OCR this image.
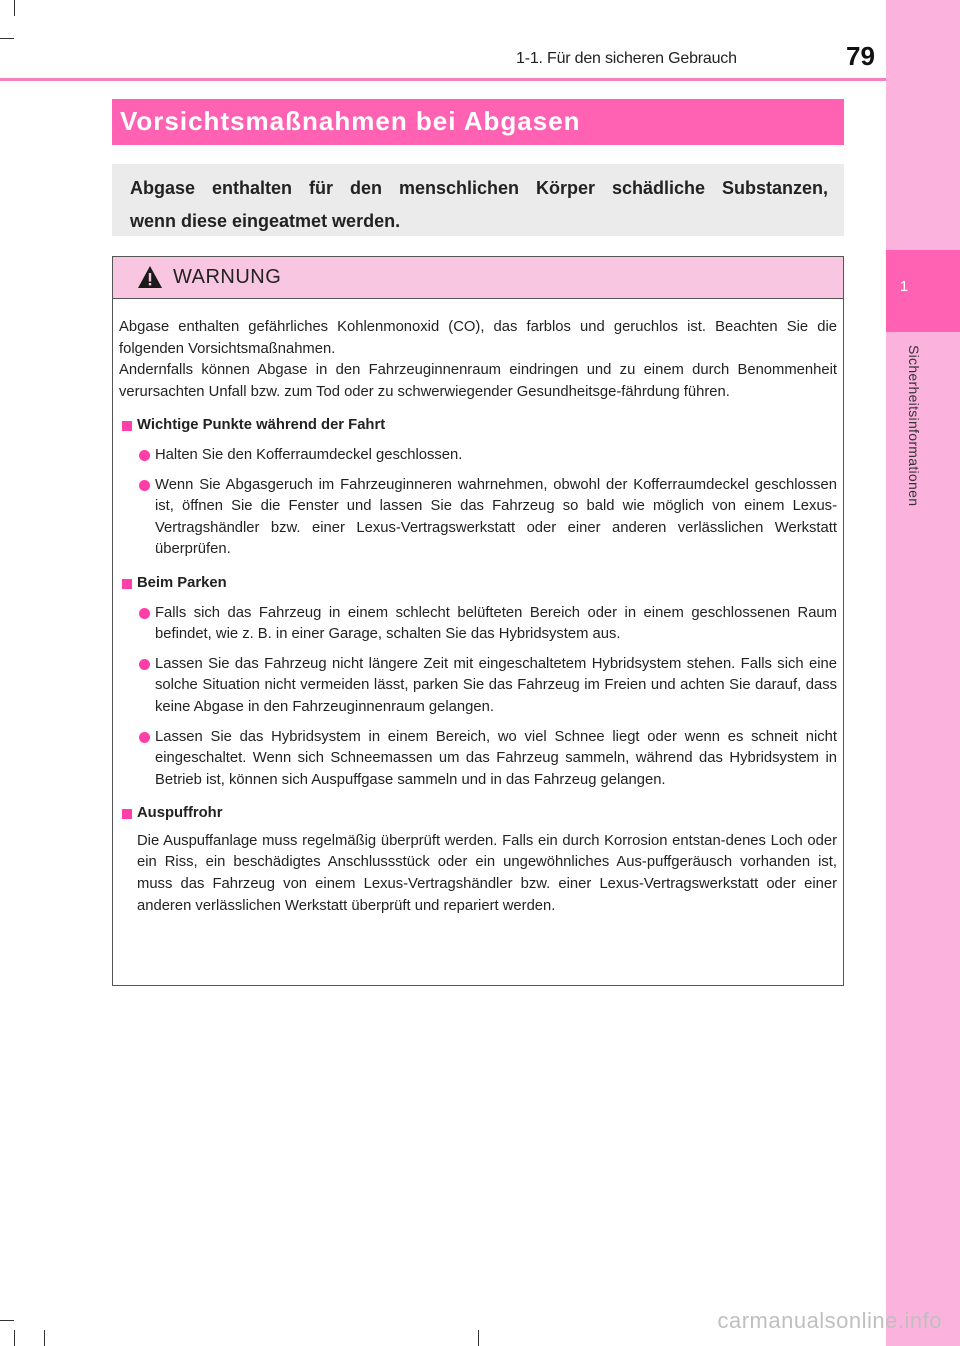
1-1. Für den sicheren Gebrauch	79
1
Sicherheitsinformationen
Vorsichtsmaßnahmen bei Abgasen
Abgase enthalten für den menschlichen Körper schädliche Substanzen,
wenn diese eingeatmet werden.
WARNUNG
Abgase enthalten gefährliches Kohlenmonoxid (CO), das farblos und geruchlos ist. Beachten Sie die folgenden Vorsichtsmaßnahmen.
Andernfalls können Abgase in den Fahrzeuginnenraum eindringen und zu einem durch Benommenheit verursachten Unfall bzw. zum Tod oder zu schwerwiegender Gesundheitsge-fährdung führen.
Wichtige Punkte während der Fahrt
Halten Sie den Kofferraumdeckel geschlossen.
Wenn Sie Abgasgeruch im Fahrzeuginneren wahrnehmen, obwohl der Kofferraumdeckel geschlossen ist, öffnen Sie die Fenster und lassen Sie das Fahrzeug so bald wie möglich von einem Lexus-Vertragshändler bzw. einer Lexus-Vertragswerkstatt oder einer anderen verlässlichen Werkstatt überprüfen.
Beim Parken
Falls sich das Fahrzeug in einem schlecht belüfteten Bereich oder in einem geschlossenen Raum befindet, wie z. B. in einer Garage, schalten Sie das Hybridsystem aus.
Lassen Sie das Fahrzeug nicht längere Zeit mit eingeschaltetem Hybridsystem stehen. Falls sich eine solche Situation nicht vermeiden lässt, parken Sie das Fahrzeug im Freien und achten Sie darauf, dass keine Abgase in den Fahrzeuginnenraum gelangen.
Lassen Sie das Hybridsystem in einem Bereich, wo viel Schnee liegt oder wenn es schneit nicht eingeschaltet. Wenn sich Schneemassen um das Fahrzeug sammeln, während das Hybridsystem in Betrieb ist, können sich Auspuffgase sammeln und in das Fahrzeug gelangen.
Auspuffrohr
Die Auspuffanlage muss regelmäßig überprüft werden. Falls ein durch Korrosion entstan-denes Loch oder ein Riss, ein beschädigtes Anschlussstück oder ein ungewöhnliches Aus-puffgeräusch vorhanden ist, muss das Fahrzeug von einem Lexus-Vertragshändler bzw. einer Lexus-Vertragswerkstatt oder einer anderen verlässlichen Werkstatt überprüft und repariert werden.
carmanualsonline.info
